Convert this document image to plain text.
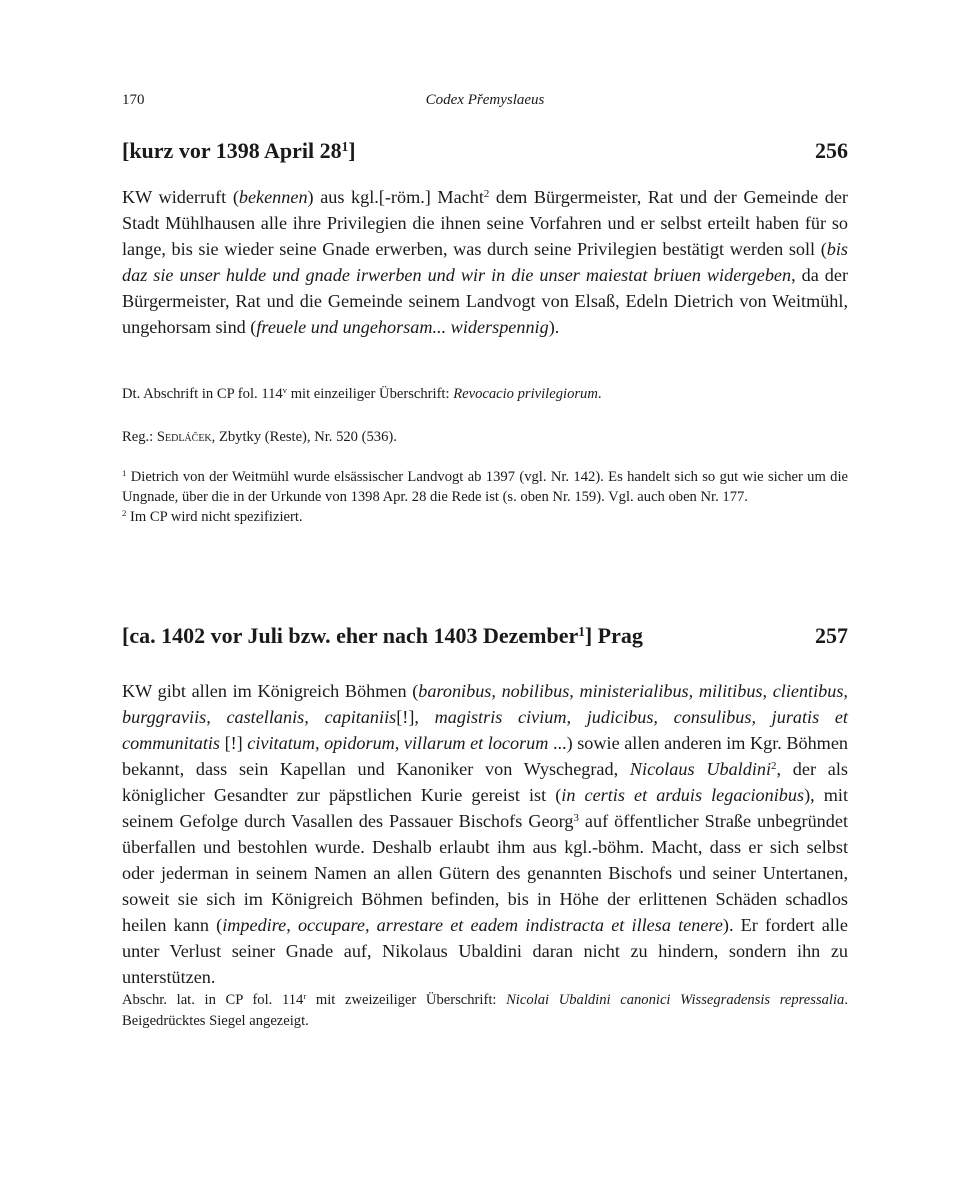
170	Codex Přemyslaeus
[kurz vor 1398 April $28^1$]	256
KW widerruft (bekennen) aus kgl.[-röm.] Macht$^2$ dem Bürgermeister, Rat und der Gemeinde der Stadt Mühlhausen alle ihre Privilegien die ihnen seine Vorfahren und er selbst erteilt haben für so lange, bis sie wieder seine Gnade erwerben, was durch seine Privilegien bestätigt werden soll (bis daz sie unser hulde und gnade irwerben und wir in die unser maiestat briuen widergeben, da der Bürgermeister, Rat und die Gemeinde seinem Landvogt von Elsaß, Edeln Dietrich von Weitmühl, ungehorsam sind (freuele und ungehorsam... widerspennig).
Dt. Abschrift in CP fol. 114$^v$ mit einzeiliger Überschrift: Revocacio privilegiorum.
Reg.: Sedláček, Zbytky (Reste), Nr. 520 (536).

$^1$ Dietrich von der Weitmühl wurde elsässischer Landvogt ab 1397 (vgl. Nr. 142). Es handelt sich so gut wie sicher um die Ungnade, über die in der Urkunde von 1398 Apr. 28 die Rede ist (s. oben Nr. 159). Vgl. auch oben Nr. 177.

$^2$ Im CP wird nicht spezifiziert.

[ca. 1402 vor Juli bzw. eher nach 1403 Dezember$^1$] Prag	257
KW gibt allen im Königreich Böhmen (baronibus, nobilibus, ministerialibus, militibus, clientibus, burggraviis, castellanis, capitaniis[!], magistris civium, judicibus, consulibus, juratis et communitatis [!] civitatum, opidorum, villarum et locorum ...) sowie allen anderen im Kgr. Böhmen bekannt, dass sein Kapellan und Kanoniker von Wyschegrad, Nicolaus Ubaldini$^2$, der als königlicher Gesandter zur päpstlichen Kurie gereist ist (in certis et arduis legacionibus), mit seinem Gefolge durch Vasallen des Passauer Bischofs Georg$^3$ auf öffentlicher Straße unbegründet überfallen und bestohlen wurde. Deshalb erlaubt ihm aus kgl.-böhm. Macht, dass er sich selbst oder jederman in seinem Namen an allen Gütern des genannten Bischofs und seiner Untertanen, soweit sie sich im Königreich Böhmen befinden, bis in Höhe der erlittenen Schäden schadlos heilen kann (impedire, occupare, arrestare et eadem indistracta et illesa tenere). Er fordert alle unter Verlust seiner Gnade auf, Nikolaus Ubaldini daran nicht zu hindern, sondern ihn zu unterstützen.
Abschr. lat. in CP fol. 114$^r$ mit zweizeiliger Überschrift: Nicolai Ubaldini canonici Wissegradensis repressalia. Beigedrücktes Siegel angezeigt.
